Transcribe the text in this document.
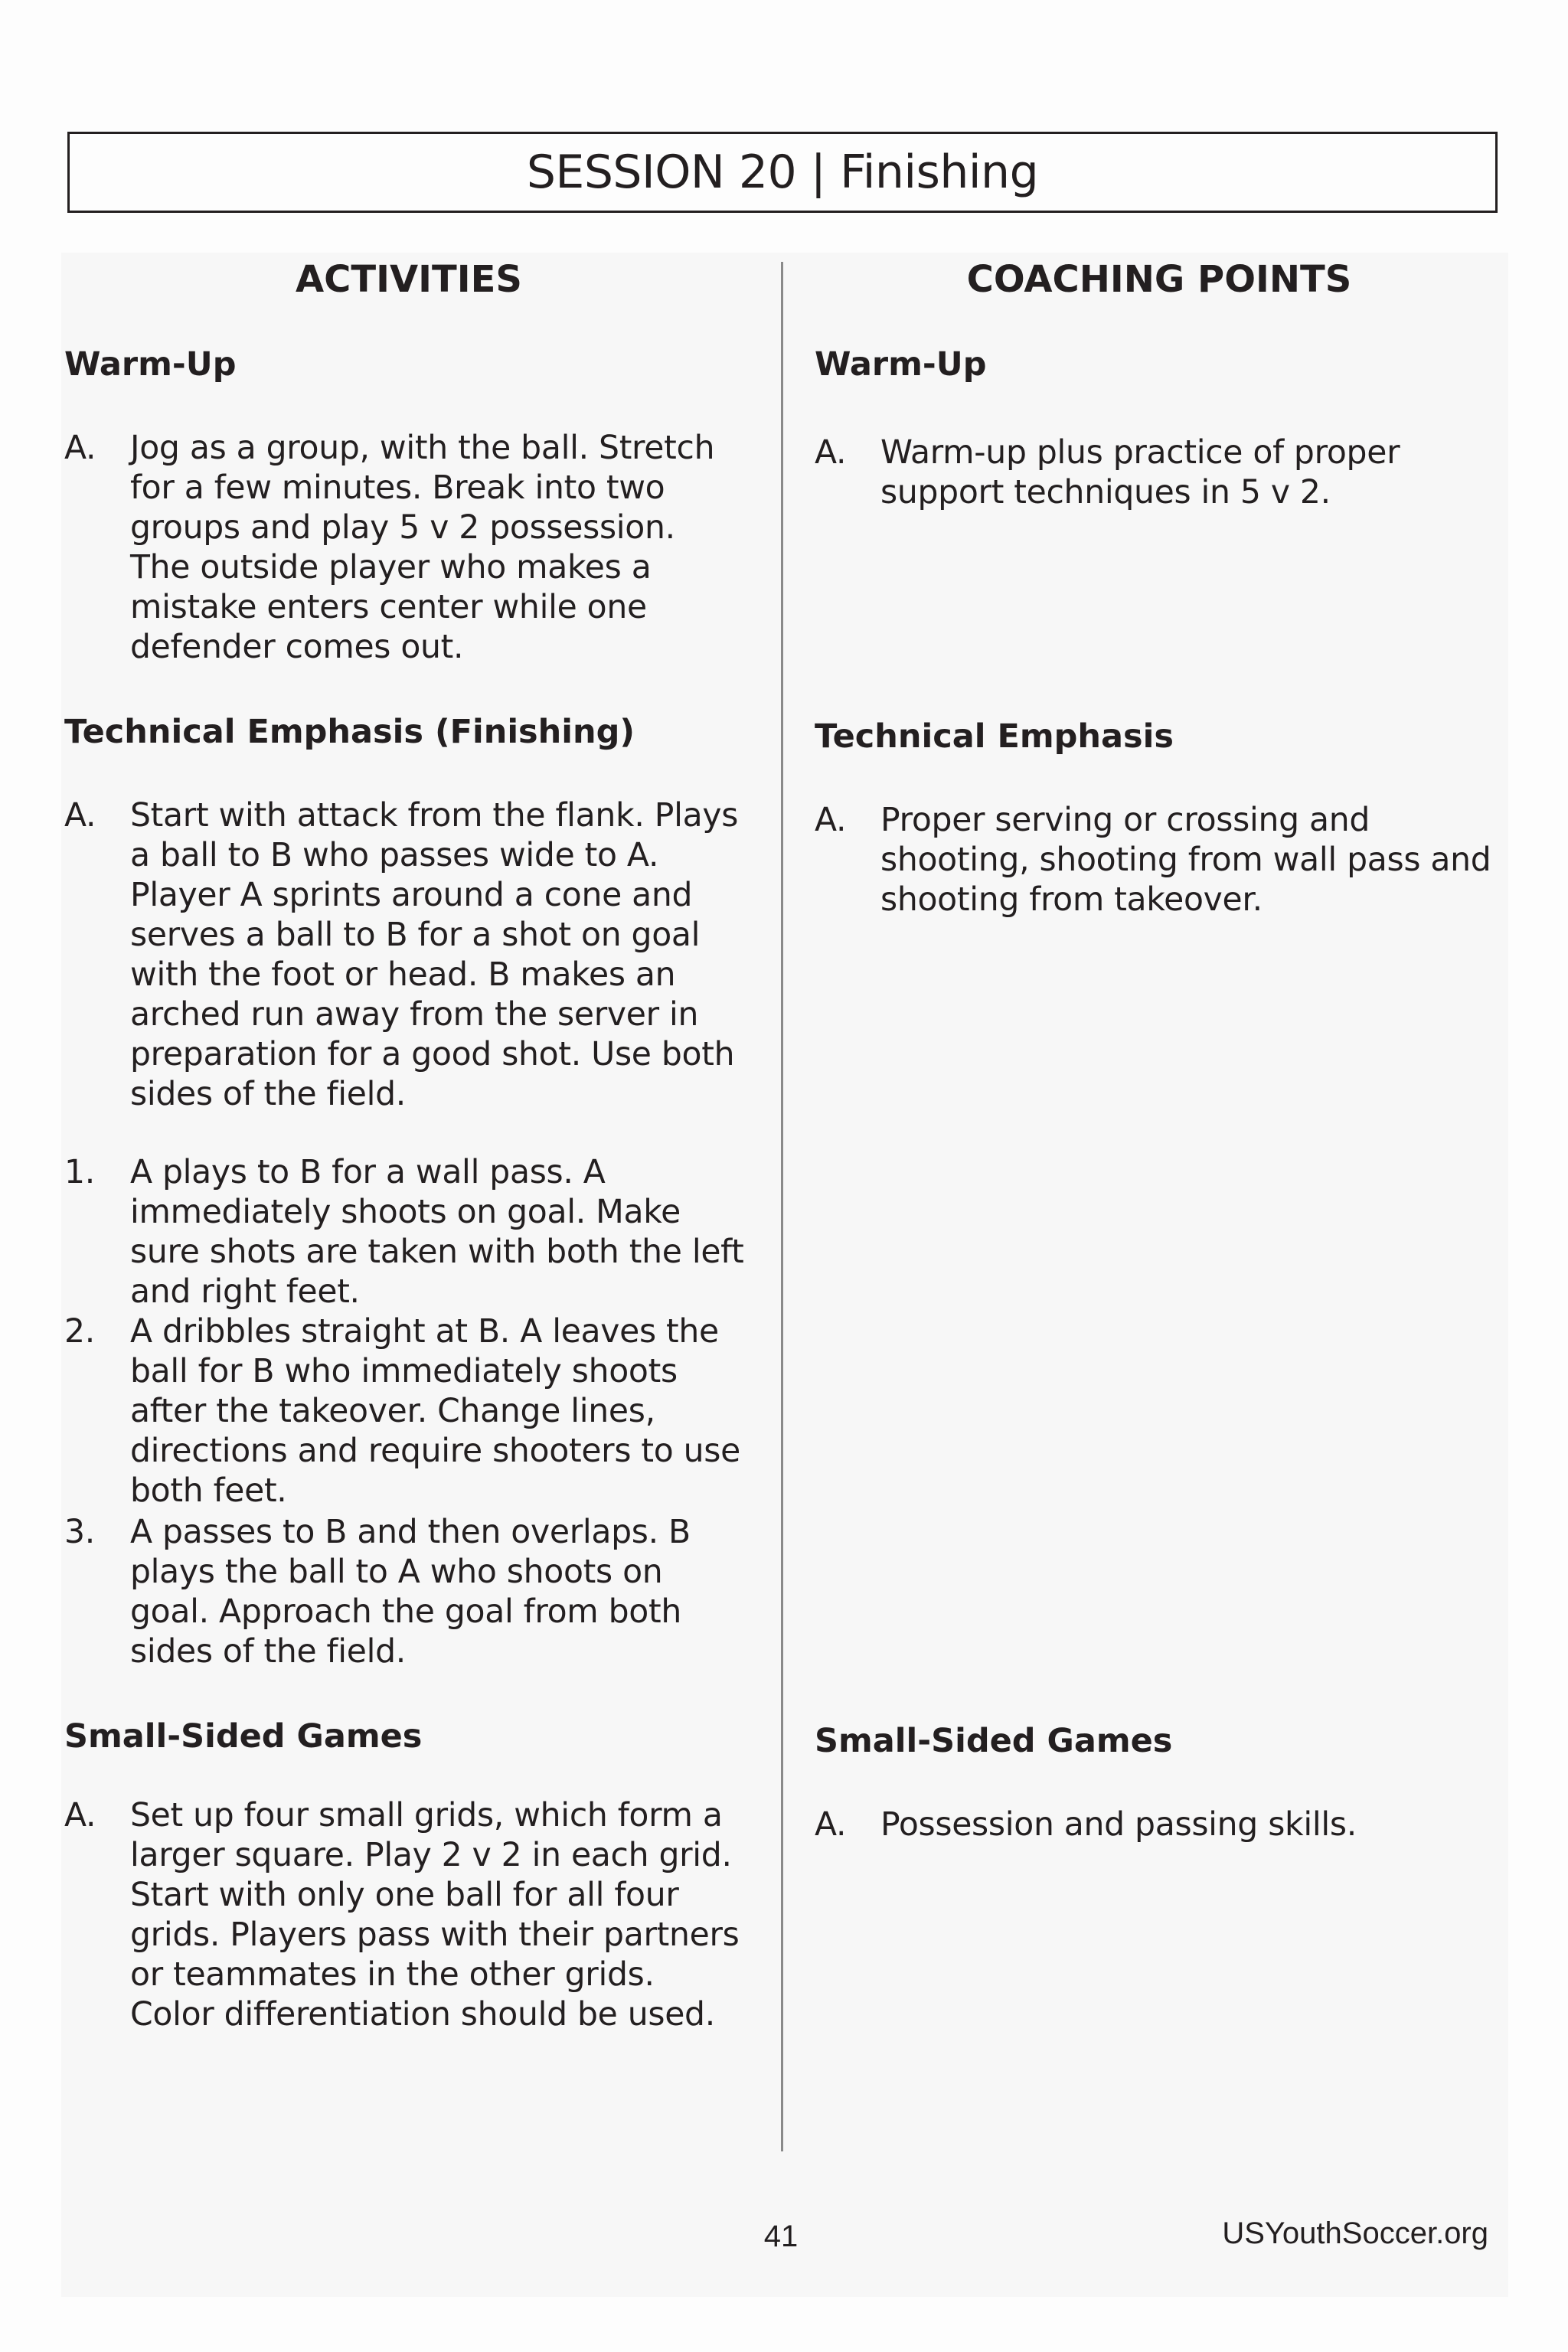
SESSION 20 | Finishing
ACTIVITIES
Warm-Up
A. Jog as a group, with the ball. Stretch
for a few minutes. Break into two
groups and play 5 v 2 possession.
The outside player who makes a
mistake enters center while one
defender comes out.
Technical Emphasis (Finishing)
A. Start with attack from the flank. Plays
a ball to B who passes wide to A.
Player A sprints around a cone and
serves a ball to B for a shot on goal
with the foot or head. B makes an
arched run away from the server in
preparation for a good shot. Use both
sides of the field.
1. A plays to B for a wall pass. A
immediately shoots on goal. Make
sure shots are taken with both the left
and right feet.
2. A dribbles straight at B. A leaves the
ball for B who immediately shoots
after the takeover. Change lines,
directions and require shooters to use
both feet.
3. A passes to B and then overlaps. B
plays the ball to A who shoots on
goal. Approach the goal from both
sides of the field.
Small-Sided Games
A. Set up four small grids, which form a
larger square. Play 2 v 2 in each grid.
Start with only one ball for all four
grids. Players pass with their partners
or teammates in the other grids.
Color differentiation should be used.
COACHING POINTS
Warm-Up
A. Warm-up plus practice of proper
support techniques in 5 v 2.
Technical Emphasis
A. Proper serving or crossing and
shooting, shooting from wall pass and
shooting from takeover.
Small-Sided Games
A. Possession and passing skills.
41	USYouthSoccer.org
